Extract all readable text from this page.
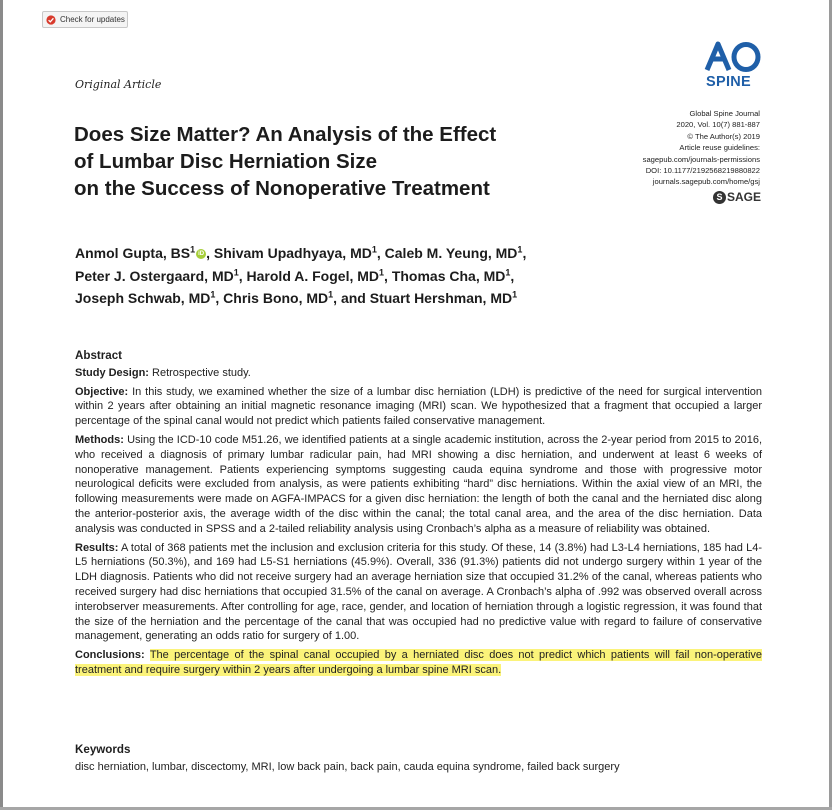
Check for updates
SPINE
Original Article
Global Spine Journal
2020, Vol. 10(7) 881-887
© The Author(s) 2019
Article reuse guidelines:
sagepub.com/journals-permissions
DOI: 10.1177/2192568219880822
journals.sagepub.com/home/gsj
S SAGE
Does Size Matter? An Analysis of the Effect
of Lumbar Disc Herniation Size
on the Success of Nonoperative Treatment
Anmol Gupta, $BS^1$ iD , Shivam Upadhyaya, $MD^1$, Caleb M. Yeung, $MD^1$,
Peter J. Ostergaard, $MD^1$, Harold A. Fogel, $MD^1$, Thomas Cha, $MD^1$,
Joseph Schwab, $MD^1$, Chris Bono, $MD^1$, and Stuart Hershman, $MD^1$
Abstract

Study Design: Retrospective study.

Objective: In this study, we examined whether the size of a lumbar disc herniation (LDH) is predictive of the need for surgical intervention within 2 years after obtaining an initial magnetic resonance imaging (MRI) scan. We hypothesized that a fragment that occupied a larger percentage of the spinal canal would not predict which patients failed conservative management.

Methods: Using the ICD-10 code M51.26, we identified patients at a single academic institution, across the 2-year period from 2015 to 2016, who received a diagnosis of primary lumbar radicular pain, had MRI showing a disc herniation, and underwent at least 6 weeks of nonoperative management. Patients experiencing symptoms suggesting cauda equina syndrome and those with progressive motor neurological deficits were excluded from analysis, as were patients exhibiting “hard” disc herniations. Within the axial view of an MRI, the following measurements were made on AGFA-IMPACS for a given disc herniation: the length of both the canal and the herniated disc along the anterior-posterior axis, the average width of the disc within the canal; the total canal area, and the area of the disc herniation. Data analysis was conducted in SPSS and a 2-tailed reliability analysis using Cronbach’s alpha as a measure of reliability was obtained.

Results: A total of 368 patients met the inclusion and exclusion criteria for this study. Of these, 14 (3.8%) had L3-L4 herniations, 185 had L4-L5 herniations (50.3%), and 169 had L5-S1 herniations (45.9%). Overall, 336 (91.3%) patients did not undergo surgery within 1 year of the LDH diagnosis. Patients who did not receive surgery had an average herniation size that occupied 31.2% of the canal, whereas patients who received surgery had disc herniations that occupied 31.5% of the canal on average. A Cronbach’s alpha of .992 was observed overall across interobserver measurements. After controlling for age, race, gender, and location of herniation through a logistic regression, it was found that the size of the herniation and the percentage of the canal that was occupied had no predictive value with regard to failure of conservative management, generating an odds ratio for surgery of 1.00.

Conclusions: The percentage of the spinal canal occupied by a herniated disc does not predict which patients will fail non-operative treatment and require surgery within 2 years after undergoing a lumbar spine MRI scan.

Keywords
disc herniation, lumbar, discectomy, MRI, low back pain, back pain, cauda equina syndrome, failed back surgery
